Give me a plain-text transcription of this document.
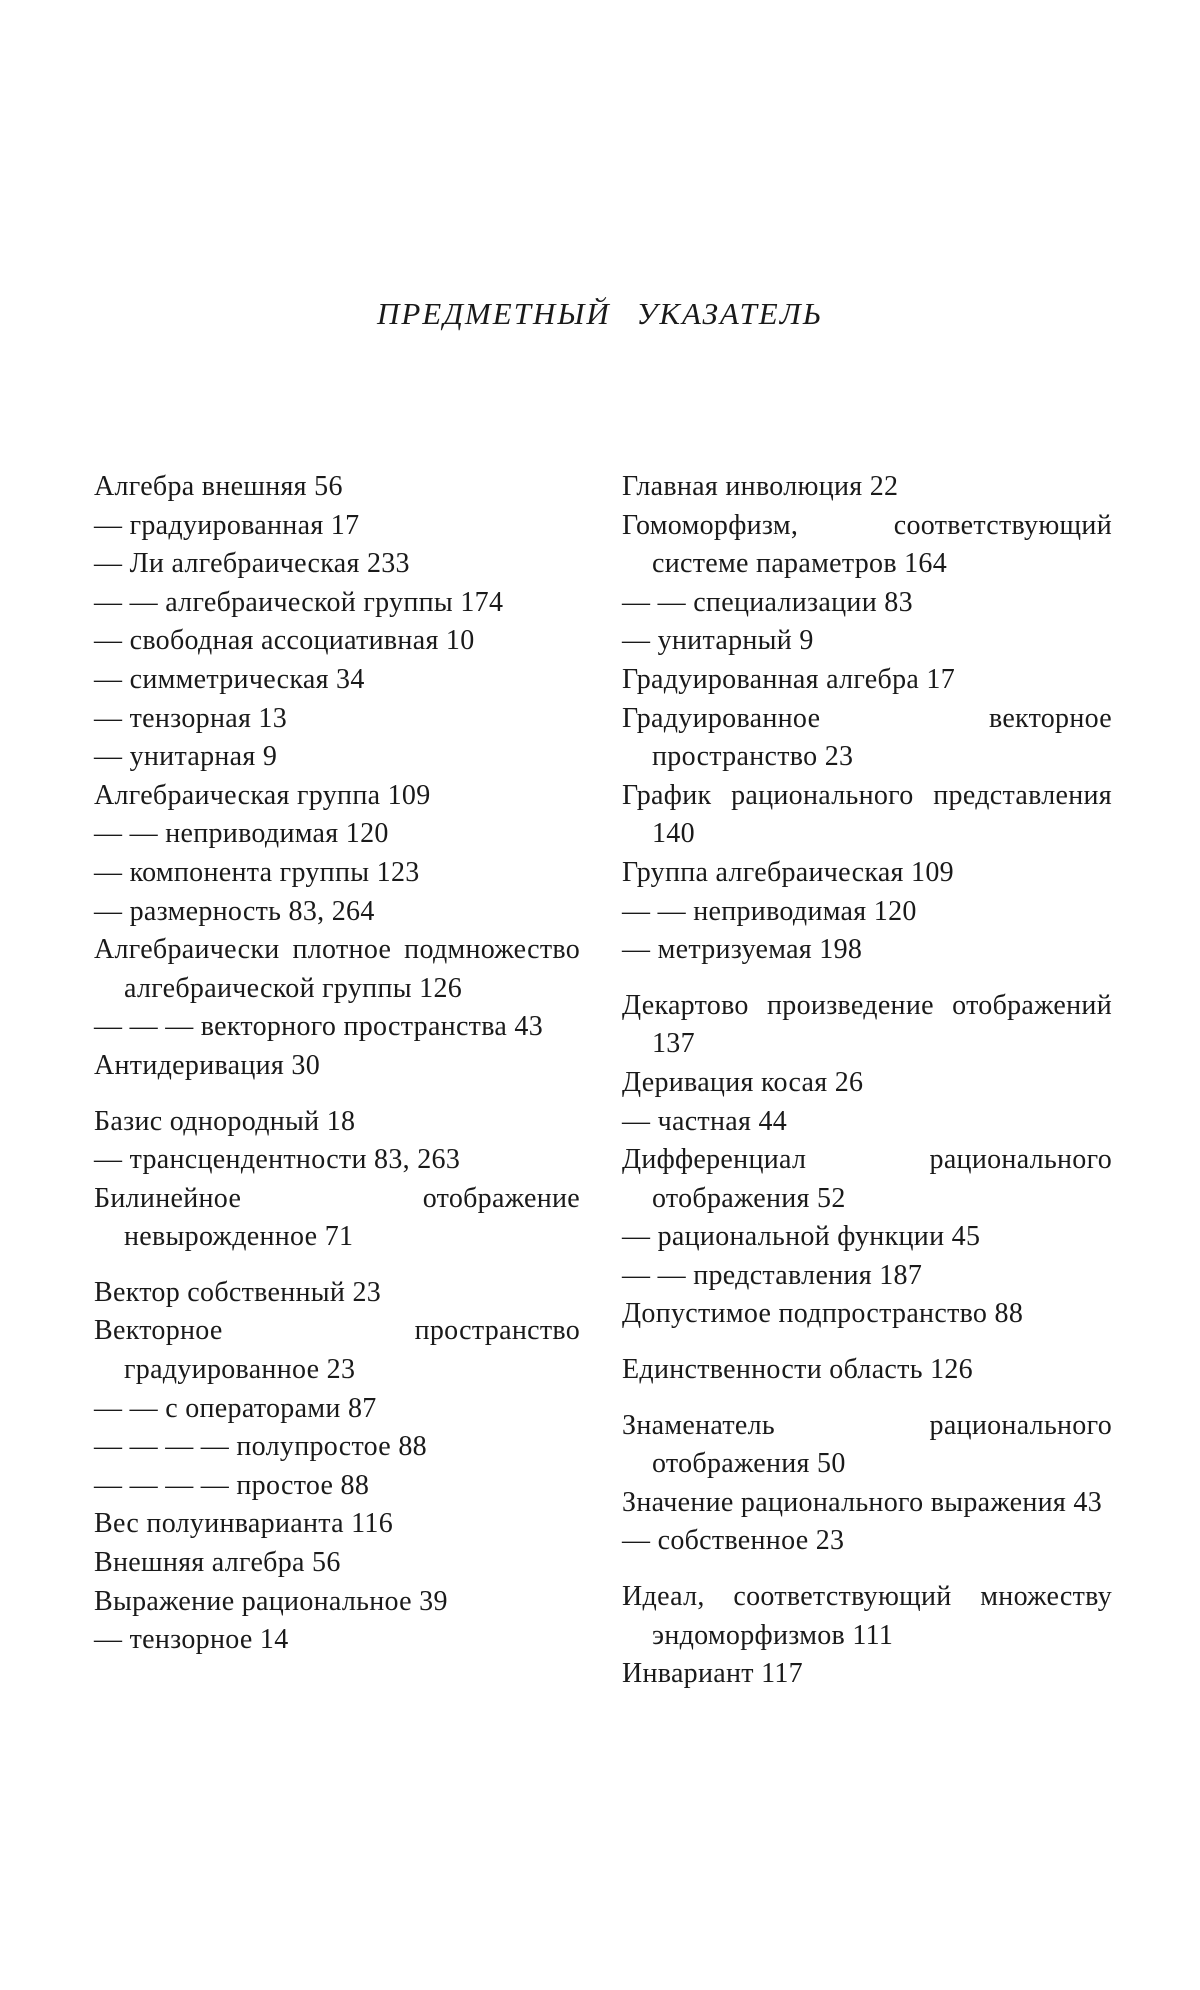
ПРЕДМЕТНЫЙ УКАЗАТЕЛЬ
Алгебра внешняя 56
— градуированная 17
— Ли алгебраическая 233
— — алгебраической группы 174
— свободная ассоциативная 10
— симметрическая 34
— тензорная 13
— унитарная 9
Алгебраическая группа 109
— — неприводимая 120
— компонента группы 123
— размерность 83, 264
Алгебраически плотное подмножество алгебраической группы 126
— — — векторного пространства 43
Антидеривация 30
Базис однородный 18
— трансцендентности 83, 263
Билинейное отображение невырожденное 71
Вектор собственный 23
Векторное пространство градуированное 23
— — с операторами 87
— — — — полупростое 88
— — — — простое 88
Вес полуинварианта 116
Внешняя алгебра 56
Выражение рациональное 39
— тензорное 14
Главная инволюция 22
Гомоморфизм, соответствующий системе параметров 164
— — специализации 83
— унитарный 9
Градуированная алгебра 17
Градуированное векторное пространство 23
График рационального представления 140
Группа алгебраическая 109
— — неприводимая 120
— метризуемая 198
Декартово произведение отображений 137
Деривация косая 26
— частная 44
Дифференциал рационального отображения 52
— рациональной функции 45
— — представления 187
Допустимое подпространство 88
Единственности область 126
Знаменатель рационального отображения 50
Значение рационального выражения 43
— собственное 23
Идеал, соответствующий множеству эндоморфизмов 111
Инвариант 117
